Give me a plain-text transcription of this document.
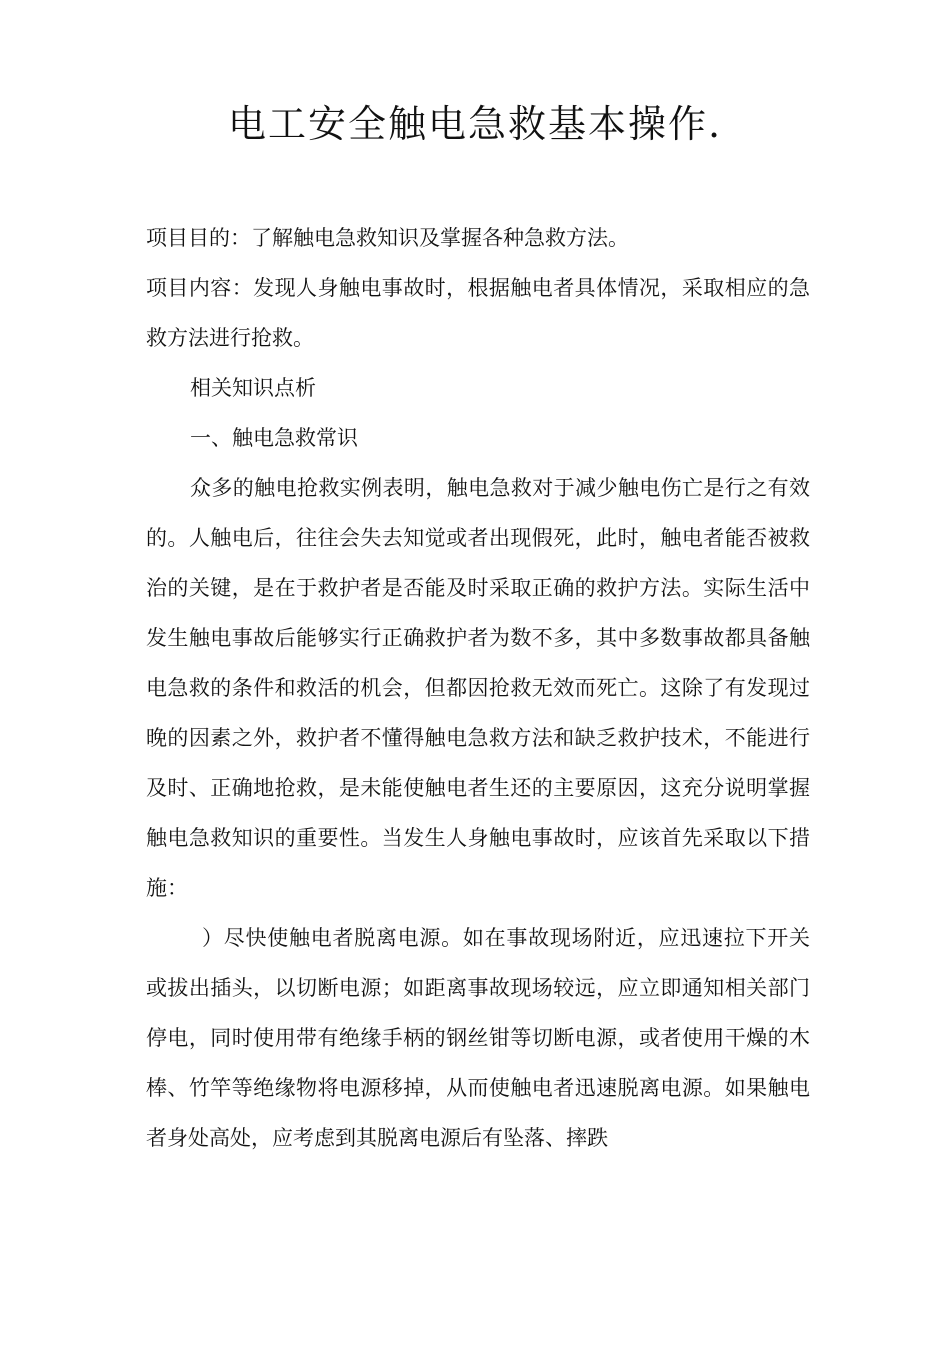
电工安全触电急救基本操作.

项目目的：了解触电急救知识及掌握各种急救方法。

项目内容：发现人身触电事故时，根据触电者具体情况，采取相应的急救方法进行抢救。

相关知识点析

一、触电急救常识

众多的触电抢救实例表明，触电急救对于减少触电伤亡是行之有效的。人触电后，往往会失去知觉或者出现假死，此时，触电者能否被救治的关键，是在于救护者是否能及时采取正确的救护方法。实际生活中发生触电事故后能够实行正确救护者为数不多，其中多数事故都具备触电急救的条件和救活的机会，但都因抢救无效而死亡。这除了有发现过晚的因素之外，救护者不懂得触电急救方法和缺乏救护技术，不能进行及时、正确地抢救，是未能使触电者生还的主要原因，这充分说明掌握触电急救知识的重要性。当发生人身触电事故时，应该首先采取以下措施：

）尽快使触电者脱离电源。如在事故现场附近，应迅速拉下开关或拔出插头，以切断电源；如距离事故现场较远，应立即通知相关部门停电，同时使用带有绝缘手柄的钢丝钳等切断电源，或者使用干燥的木棒、竹竿等绝缘物将电源移掉，从而使触电者迅速脱离电源。如果触电者身处高处，应考虑到其脱离电源后有坠落、摔跌
